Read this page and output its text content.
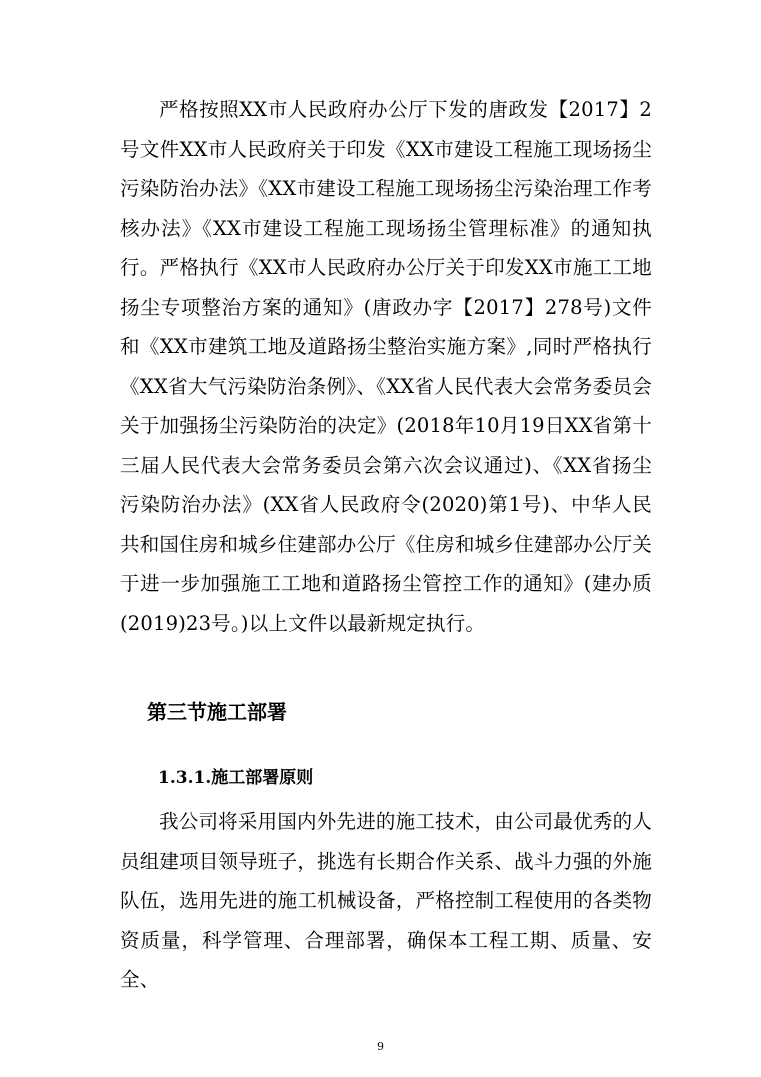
严格按照XX市人民政府办公厅下发的唐政发【2017】2号文件XX市人民政府关于印发《XX市建设工程施工现场扬尘污染防治办法》《XX市建设工程施工现场扬尘污染治理工作考核办法》《XX市建设工程施工现场扬尘管理标准》的通知执行。严格执行《XX市人民政府办公厅关于印发XX市施工工地扬尘专项整治方案的通知》(唐政办字【2017】278号)文件和《XX市建筑工地及道路扬尘整治实施方案》,同时严格执行《XX省大气污染防治条例》、《XX省人民代表大会常务委员会关于加强扬尘污染防治的决定》(2018年10月19日XX省第十三届人民代表大会常务委员会第六次会议通过)、《XX省扬尘污染防治办法》(XX省人民政府令(2020)第1号)、中华人民共和国住房和城乡住建部办公厅《住房和城乡住建部办公厅关于进一步加强施工工地和道路扬尘管控工作的通知》(建办质(2019)23号。)以上文件以最新规定执行。

第三节施工部署
1.3.1.施工部署原则

我公司将采用国内外先进的施工技术，由公司最优秀的人员组建项目领导班子，挑选有长期合作关系、战斗力强的外施队伍，选用先进的施工机械设备，严格控制工程使用的各类物资质量，科学管理、合理部署，确保本工程工期、质量、安全、

9
